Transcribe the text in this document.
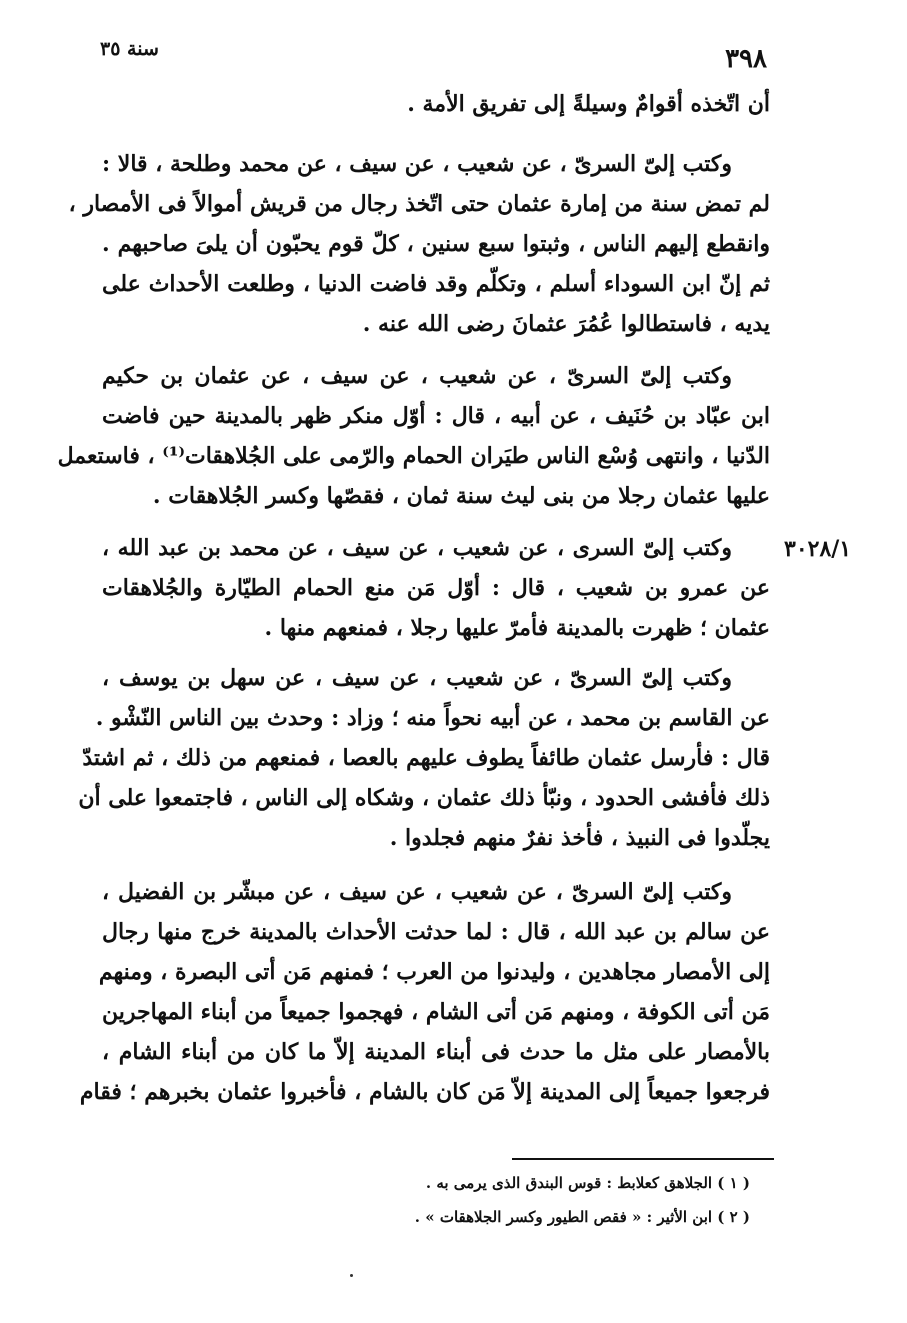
سنة ٣٥	٣٩٨
أن اتّخذه أقوامٌ وسيلةً إلى تفريق الأمة .
وكتب إلىّ السرىّ ، عن شعيب ، عن سيف ، عن محمد وطلحة ، قالا :
لم تمض سنة من إمارة عثمان حتى اتّخذ رجال من قريش أموالاً فى الأمصار ،
وانقطع إليهم الناس ، وثبتوا سبع سنين ، كلّ قوم يحبّون أن يلىَ صاحبهم .
ثم إنّ ابن السوداء أسلم ، وتكلّم وقد فاضت الدنيا ، وطلعت الأحداث على
يديه ، فاستطالوا عُمُرَ عثمانَ رضى الله عنه .
وكتب إلىّ السرىّ ، عن شعيب ، عن سيف ، عن عثمان بن حكيم
ابن عبّاد بن حُنَيف ، عن أبيه ، قال : أوّل منكر ظهر بالمدينة حين فاضت
الدّنيا ، وانتهى وُسْع الناس طيَران الحمام والرّمى على الجُلاهقات⁽¹⁾ ، فاستعمل
عليها عثمان رجلا من بنى ليث سنة ثمان ، فقصّها وكسر الجُلاهقات .
وكتب إلىّ السرى ، عن شعيب ، عن سيف ، عن محمد بن عبد الله ،
عن عمرو بن شعيب ، قال : أوّل مَن منع الحمام الطيّارة والجُلاهقات
عثمان ؛ ظهرت بالمدينة فأمرّ عليها رجلا ، فمنعهم منها .
٣٠٢٨/١
وكتب إلىّ السرىّ ، عن شعيب ، عن سيف ، عن سهل بن يوسف ،
عن القاسم بن محمد ، عن أبيه نحواً منه ؛ وزاد : وحدث بين الناس النّشْو .
قال : فأرسل عثمان طائفاً يطوف عليهم بالعصا ، فمنعهم من ذلك ، ثم اشتدّ
ذلك فأفشى الحدود ، ونبّأ ذلك عثمان ، وشكاه إلى الناس ، فاجتمعوا على أن
يجلّدوا فى النبيذ ، فأخذ نفرٌ منهم فجلدوا .
وكتب إلىّ السرىّ ، عن شعيب ، عن سيف ، عن مبشّر بن الفضيل ،
عن سالم بن عبد الله ، قال : لما حدثت الأحداث بالمدينة خرج منها رجال
إلى الأمصار مجاهدين ، وليدنوا من العرب ؛ فمنهم مَن أتى البصرة ، ومنهم
مَن أتى الكوفة ، ومنهم مَن أتى الشام ، فهجموا جميعاً من أبناء المهاجرين
بالأمصار على مثل ما حدث فى أبناء المدينة إلاّ ما كان من أبناء الشام ،
فرجعوا جميعاً إلى المدينة إلاّ مَن كان بالشام ، فأخبروا عثمان بخبرهم ؛ فقام
( ١ ) الجلاهق كعلابط : قوس البندق الذى يرمى به .
( ٢ ) ابن الأثير : « فقص الطيور وكسر الجلاهقات » .
